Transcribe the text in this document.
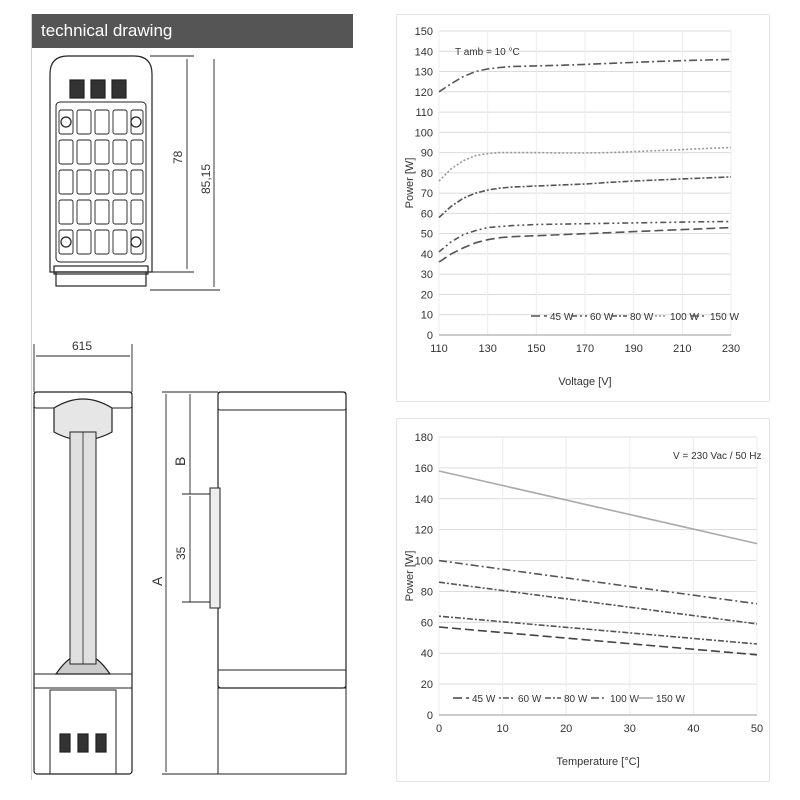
technical drawing
78
85,15
615
B
35
A
0
10
20
30
40
50
60
70
80
90
100
110
120
130
140
150
110	130	150	170	190	210	230
Voltage [V]
Power [W]
T amb = 10 °C
45 W 60 W 80 W 100 W 150 W
0
20
40
60
80
100
120
140
160
180
0	10	20	30	40	50
Temperature [°C]
Power [W]
V = 230 Vac / 50 Hz
45 W 60 W 80 W 100 W 150 W
